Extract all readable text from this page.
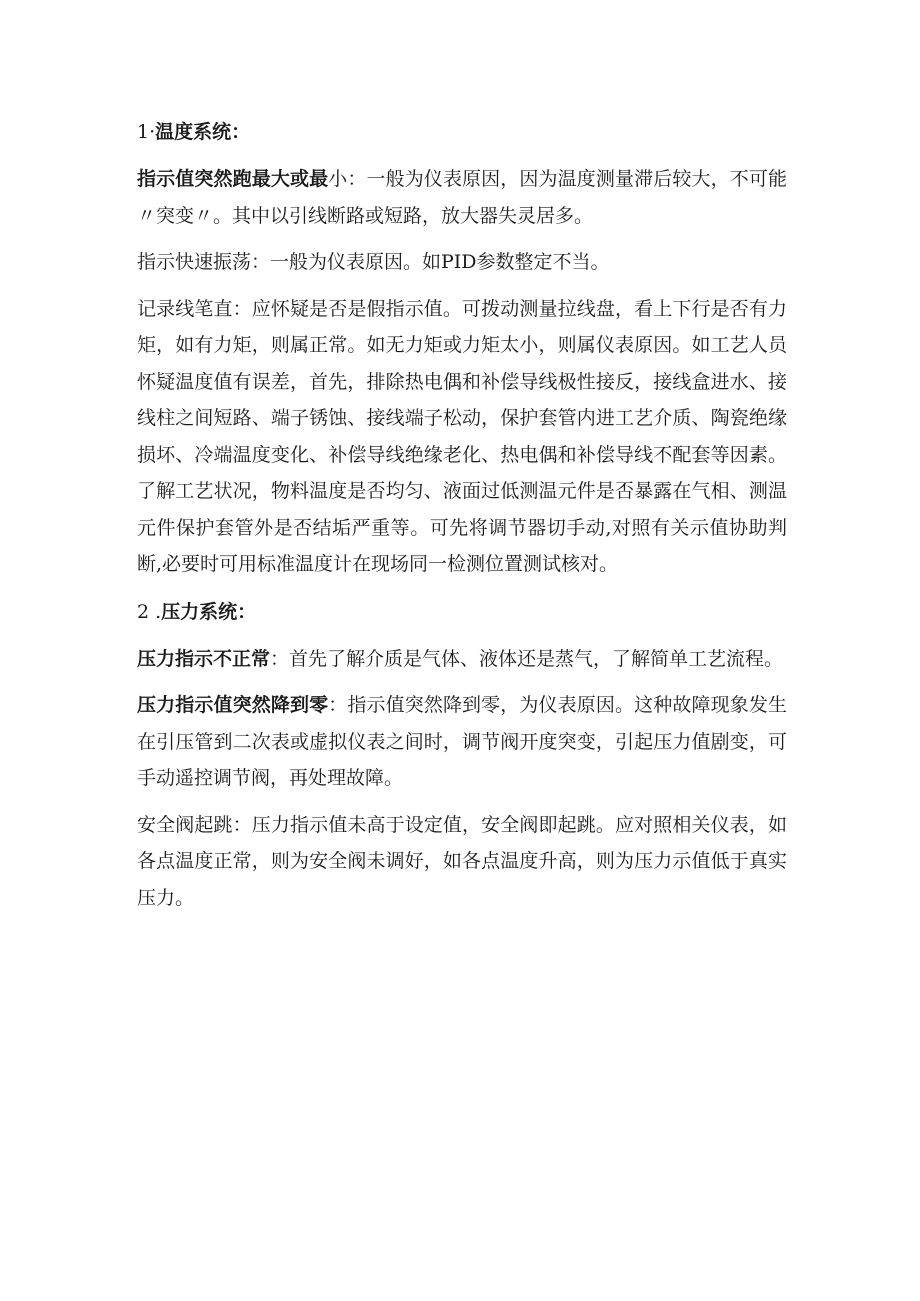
1·温度系统：

指示值突然跑最大或最小：一般为仪表原因，因为温度测量滞后较大，不可能〃突变〃。其中以引线断路或短路，放大器失灵居多。

指示快速振荡：一般为仪表原因。如PID参数整定不当。

记录线笔直：应怀疑是否是假指示值。可拨动测量拉线盘，看上下行是否有力矩，如有力矩，则属正常。如无力矩或力矩太小，则属仪表原因。如工艺人员怀疑温度值有误差，首先，排除热电偶和补偿导线极性接反，接线盒进水、接线柱之间短路、端子锈蚀、接线端子松动，保护套管内进工艺介质、陶瓷绝缘损坏、冷端温度变化、补偿导线绝缘老化、热电偶和补偿导线不配套等因素。了解工艺状况，物料温度是否均匀、液面过低测温元件是否暴露在气相、测温元件保护套管外是否结垢严重等。可先将调节器切手动,对照有关示值协助判断,必要时可用标准温度计在现场同一检测位置测试核对。

2 .压力系统：

压力指示不正常：首先了解介质是气体、液体还是蒸气，了解简单工艺流程。

压力指示值突然降到零：指示值突然降到零，为仪表原因。这种故障现象发生在引压管到二次表或虚拟仪表之间时，调节阀开度突变，引起压力值剧变，可手动遥控调节阀，再处理故障。

安全阀起跳：压力指示值未高于设定值，安全阀即起跳。应对照相关仪表，如各点温度正常，则为安全阀未调好，如各点温度升高，则为压力示值低于真实压力。
